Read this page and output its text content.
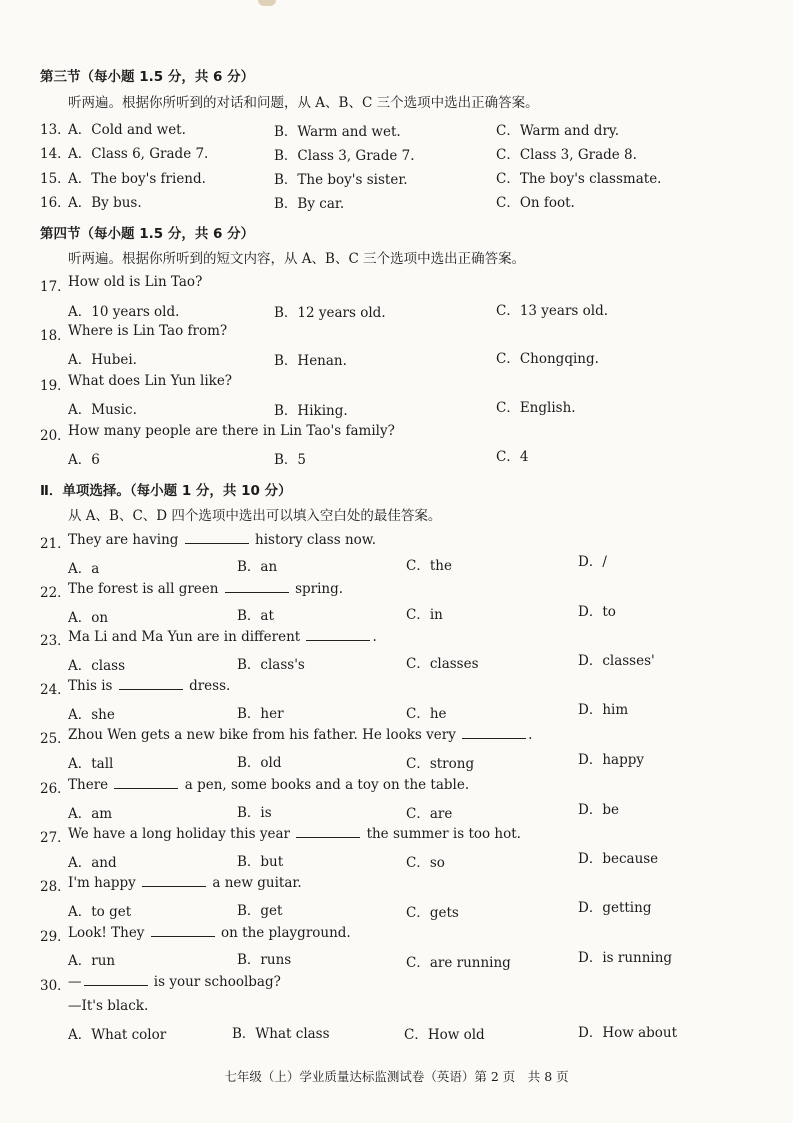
第三节（每小题 1.5 分，共 6 分）
听两遍。根据你所听到的对话和问题，从 A、B、C 三个选项中选出正确答案。
13．
A．Cold and wet.	B．Warm and wet.	C．Warm and dry.
14．
A．Class 6, Grade 7.	B．Class 3, Grade 7.	C．Class 3, Grade 8.
15．
A．The boy's friend.	B．The boy's sister.	C．The boy's classmate.
16．
A．By bus.	B．By car.	C．On foot.
第四节（每小题 1.5 分，共 6 分）
听两遍。根据你所听到的短文内容，从 A、B、C 三个选项中选出正确答案。
17．
How old is Lin Tao?
A．10 years old.	B．12 years old.	C．13 years old.
18．
Where is Lin Tao from?
A．Hubei.	B．Henan.	C．Chongqing.
19．
What does Lin Yun like?
A．Music.	B．Hiking.	C．English.
20．
How many people are there in Lin Tao's family?
A．6	B．5	C．4
Ⅱ．单项选择。（每小题 1 分，共 10 分）
从 A、B、C、D 四个选项中选出可以填入空白处的最佳答案。
21．
They are having	history class now.
A．a	B．an	C．the	D．/
22．
The forest is all green	spring.
A．on	B．at	C．in	D．to
23．
Ma Li and Ma Yun are in different	.
A．class	B．class's	C．classes	D．classes'
24．
This is	dress.
A．she	B．her	C．he	D．him
25．
Zhou Wen gets a new bike from his father. He looks very	.
A．tall	B．old	C．strong	D．happy
26．
There	a pen, some books and a toy on the table.
A．am	B．is	C．are	D．be
27．
We have a long holiday this year	the summer is too hot.
A．and	B．but	C．so	D．because
28．
I'm happy	a new guitar.
A．to get	B．get	C．gets	D．getting
29．
Look! They	on the playground.
A．run	B．runs	C．are running	D．is running
30．
—	is your schoolbag?
—It's black.
A．What color	B．What class	C．How old	D．How about
七年级（上）学业质量达标监测试卷（英语）第 2 页　共 8 页
